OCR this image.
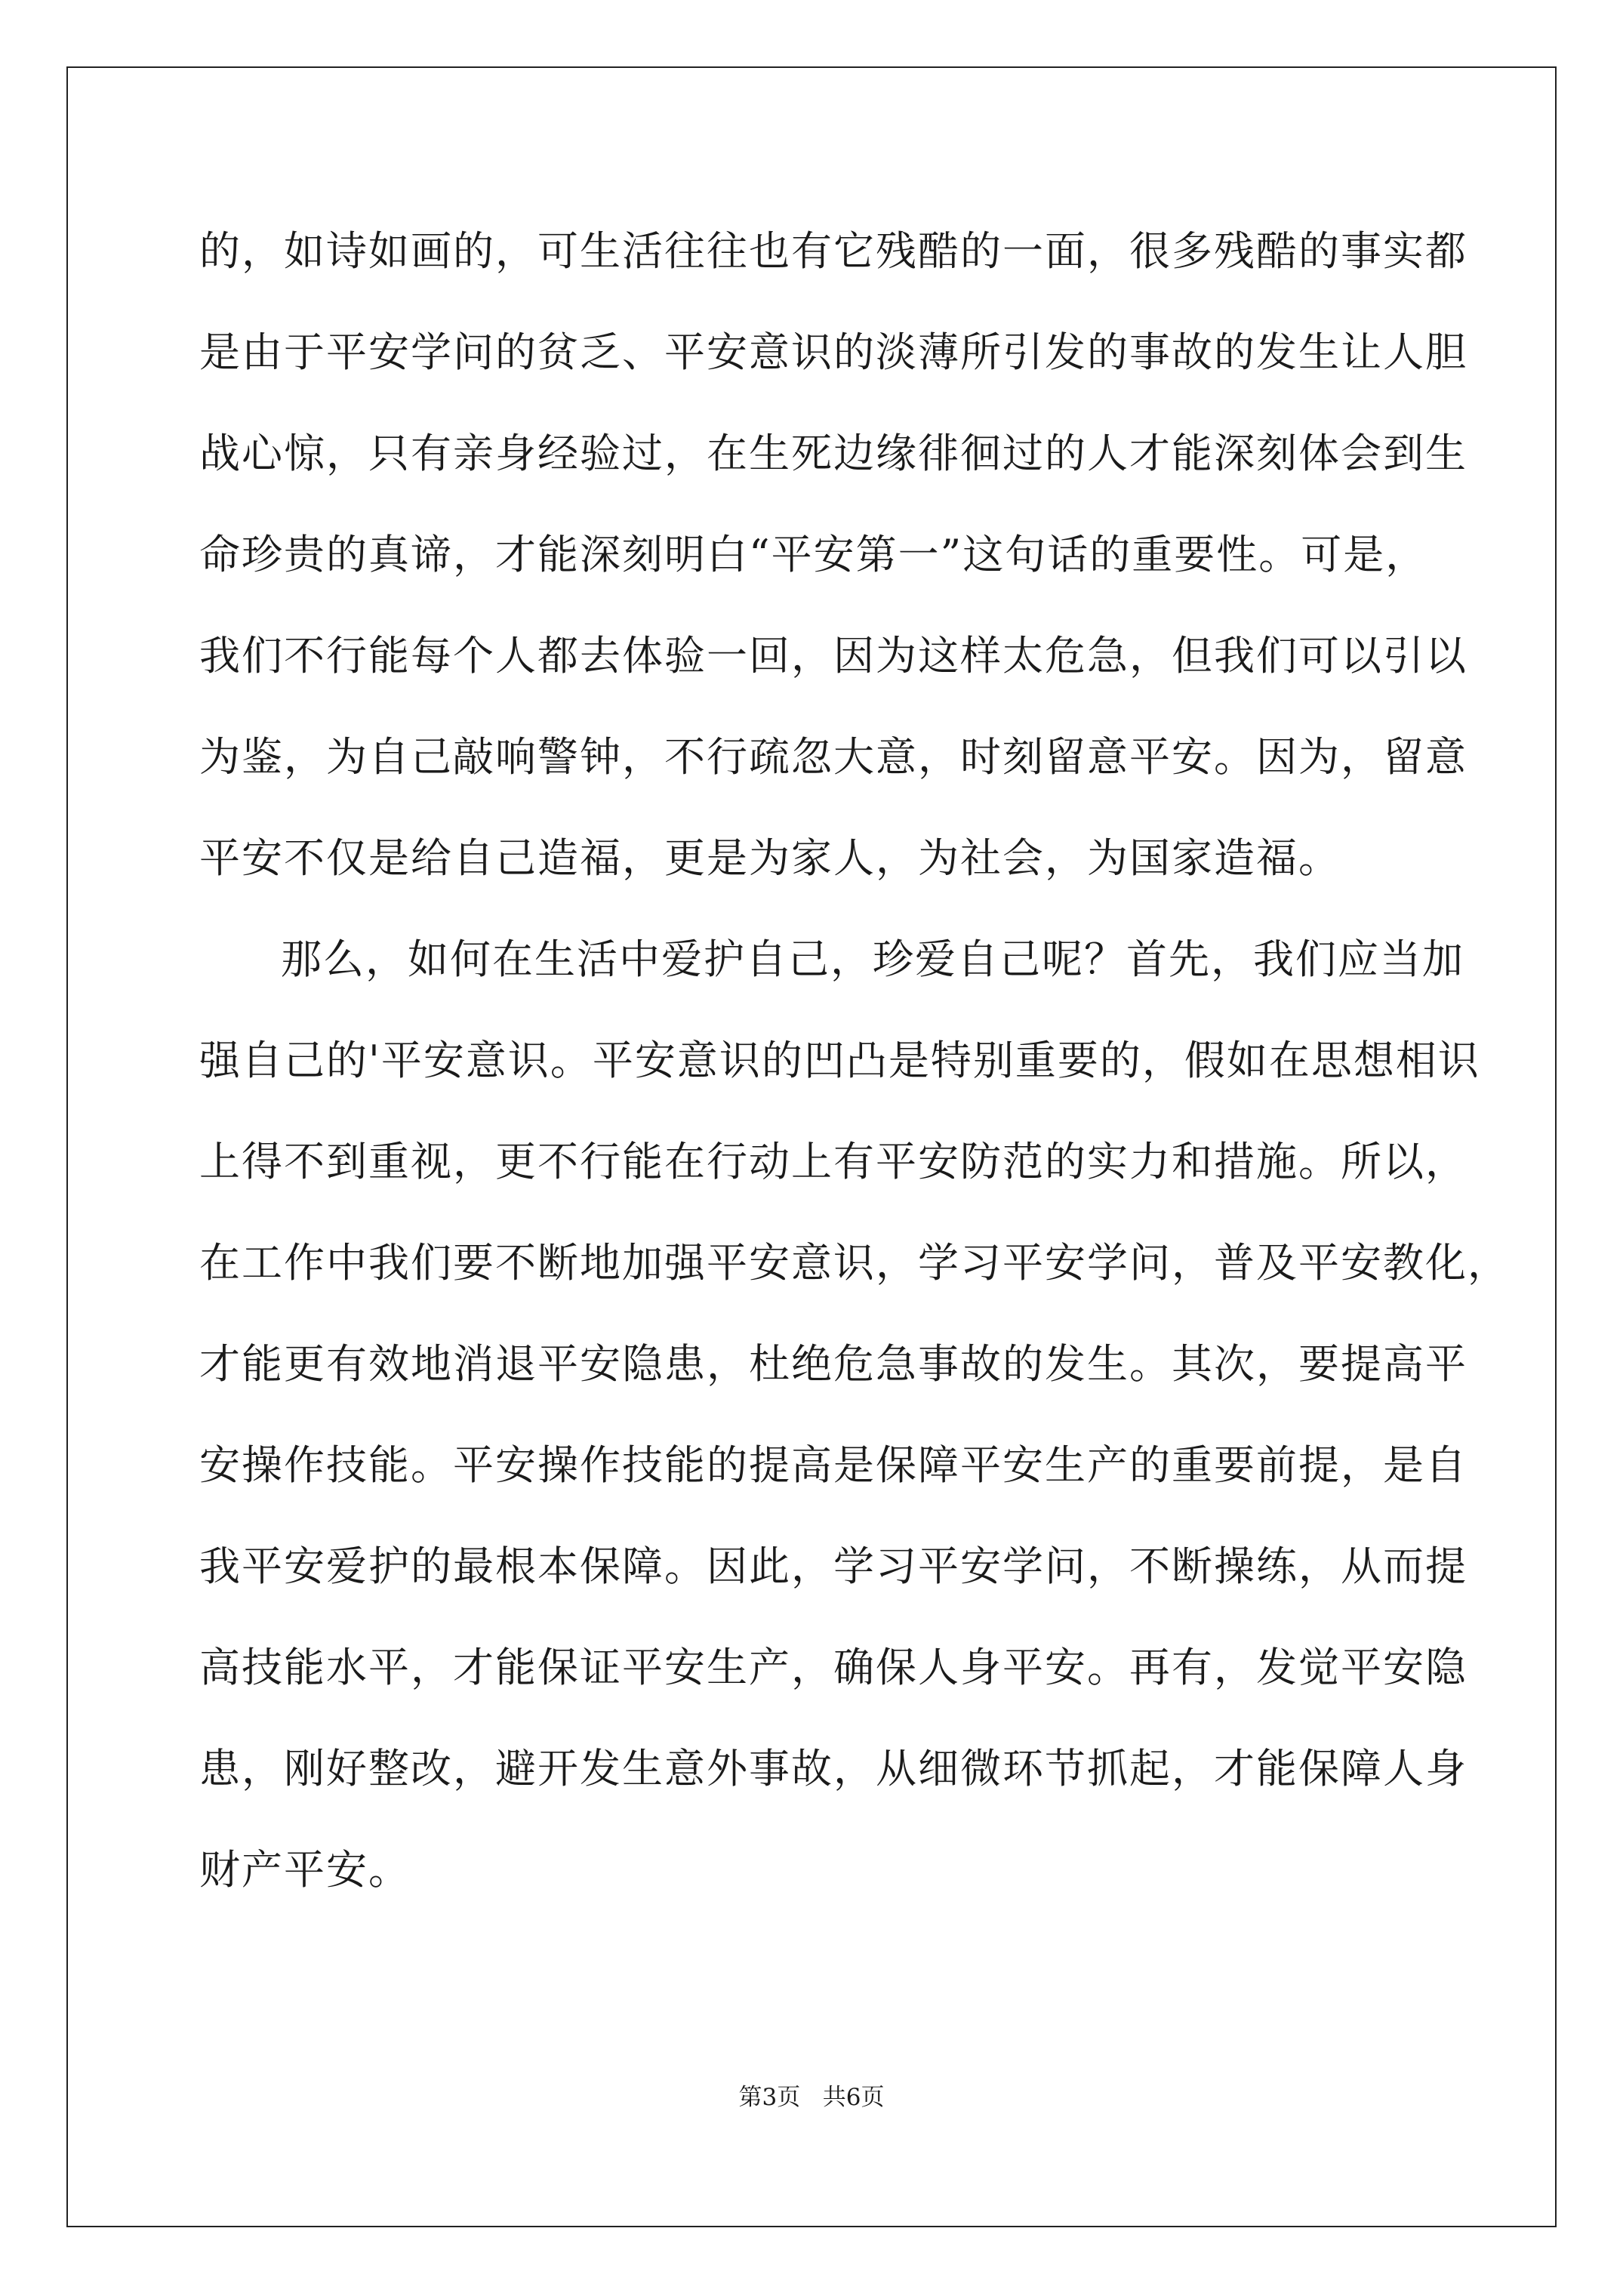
的，如诗如画的，可生活往往也有它残酷的一面，很多残酷的事实都
是由于平安学问的贫乏、平安意识的淡薄所引发的事故的发生让人胆
战心惊，只有亲身经验过，在生死边缘徘徊过的人才能深刻体会到生
命珍贵的真谛，才能深刻明白“平安第一”这句话的重要性。可是，
我们不行能每个人都去体验一回，因为这样太危急，但我们可以引以
为鉴，为自己敲响警钟，不行疏忽大意，时刻留意平安。因为，留意
平安不仅是给自己造福，更是为家人，为社会，为国家造福。
那么，如何在生活中爱护自己，珍爱自己呢？首先，我们应当加
强自己的'平安意识。平安意识的凹凸是特别重要的，假如在思想相识
上得不到重视，更不行能在行动上有平安防范的实力和措施。所以，
在工作中我们要不断地加强平安意识，学习平安学问，普及平安教化，
才能更有效地消退平安隐患，杜绝危急事故的发生。其次，要提高平
安操作技能。平安操作技能的提高是保障平安生产的重要前提，是自
我平安爱护的最根本保障。因此，学习平安学问，不断操练，从而提
高技能水平，才能保证平安生产，确保人身平安。再有，发觉平安隐
患，刚好整改，避开发生意外事故，从细微环节抓起，才能保障人身
财产平安。
第3页   共6页
